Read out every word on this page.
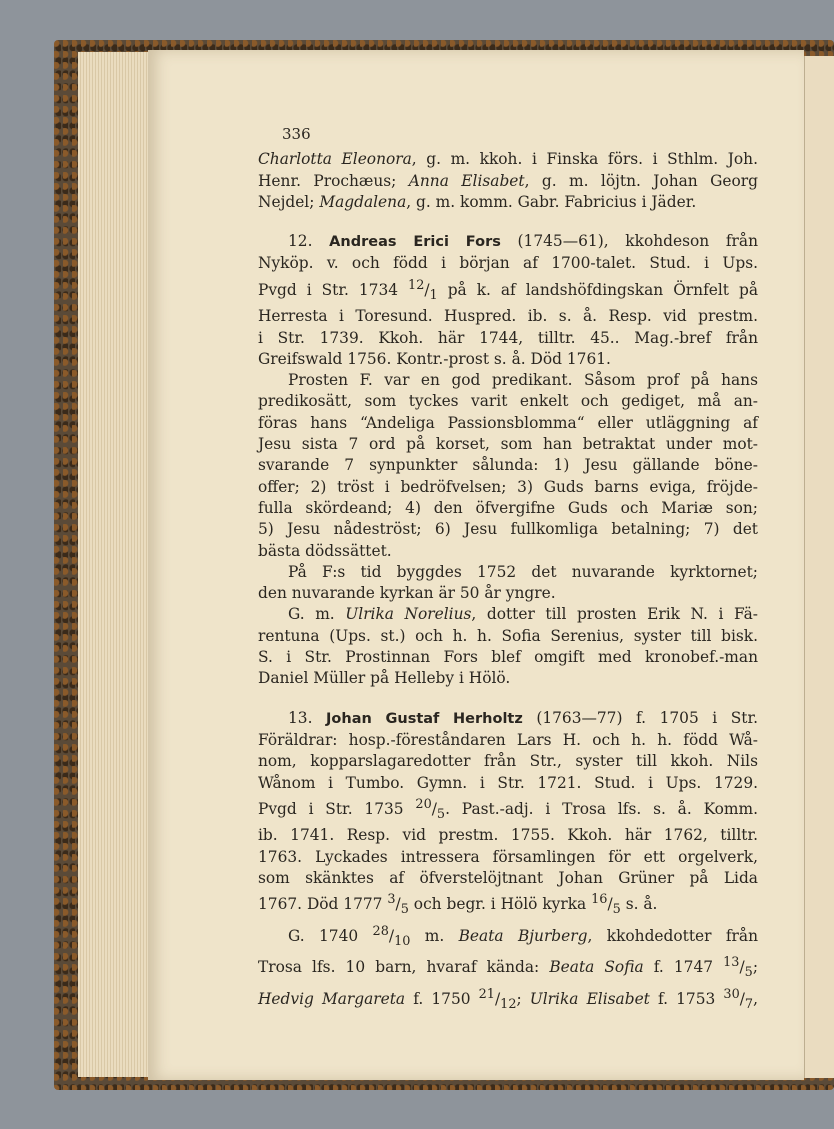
336
Charlotta Eleonora, g. m. kkoh. i Finska förs. i Sthlm. Joh.
Henr. Prochæus; Anna Elisabet, g. m. löjtn. Johan Georg
Nejdel; Magdalena, g. m. komm. Gabr. Fabricius i Jäder.
12. Andreas Erici Fors (1745—61), kkohdeson från
Nyköp. v. och född i början af 1700-talet. Stud. i Ups.
Pvgd i Str. 1734 $^{12}/_1$ på k. af landshöfdingskan Örnfelt på
Herresta i Toresund. Huspred. ib. s. å. Resp. vid prestm.
i Str. 1739. Kkoh. här 1744, tilltr. 45.. Mag.-bref från
Greifswald 1756. Kontr.-prost s. å. Död 1761.
Prosten F. var en god predikant. Såsom prof på hans
predikosätt, som tyckes varit enkelt och gediget, må an-
föras hans “Andeliga Passionsblomma“ eller utläggning af
Jesu sista 7 ord på korset, som han betraktat under mot-
svarande 7 synpunkter sålunda: 1) Jesu gällande böne-
offer; 2) tröst i bedröfvelsen; 3) Guds barns eviga, fröjde-
fulla skördeand; 4) den öfvergifne Guds och Mariæ son;
5) Jesu nådeströst; 6) Jesu fullkomliga betalning; 7) det
bästa dödssättet.
På F:s tid byggdes 1752 det nuvarande kyrktornet;
den nuvarande kyrkan är 50 år yngre.
G. m. Ulrika Norelius, dotter till prosten Erik N. i Fä-
rentuna (Ups. st.) och h. h. Sofia Serenius, syster till bisk.
S. i Str. Prostinnan Fors blef omgift med kronobef.-man
Daniel Müller på Helleby i Hölö.
13. Johan Gustaf Herholtz (1763—77) f. 1705 i Str.
Föräldrar: hosp.-föreståndaren Lars H. och h. h. född Wå-
nom, kopparslagaredotter från Str., syster till kkoh. Nils
Wånom i Tumbo. Gymn. i Str. 1721. Stud. i Ups. 1729.
Pvgd i Str. 1735 $^{20}/_5$. Past.-adj. i Trosa lfs. s. å. Komm.
ib. 1741. Resp. vid prestm. 1755. Kkoh. här 1762, tilltr.
1763. Lyckades intressera församlingen för ett orgelverk,
som skänktes af öfverstelöjtnant Johan Grüner på Lida
1767. Död 1777 $^3/_5$ och begr. i Hölö kyrka $^{16}/_5$ s. å.
G. 1740 $^{28}/_{10}$ m. Beata Bjurberg, kkohdedotter från
Trosa lfs. 10 barn, hvaraf kända: Beata Sofia f. 1747 $^{13}/_5$;
Hedvig Margareta f. 1750 $^{21}/_{12}$; Ulrika Elisabet f. 1753 $^{30}/_7$,
